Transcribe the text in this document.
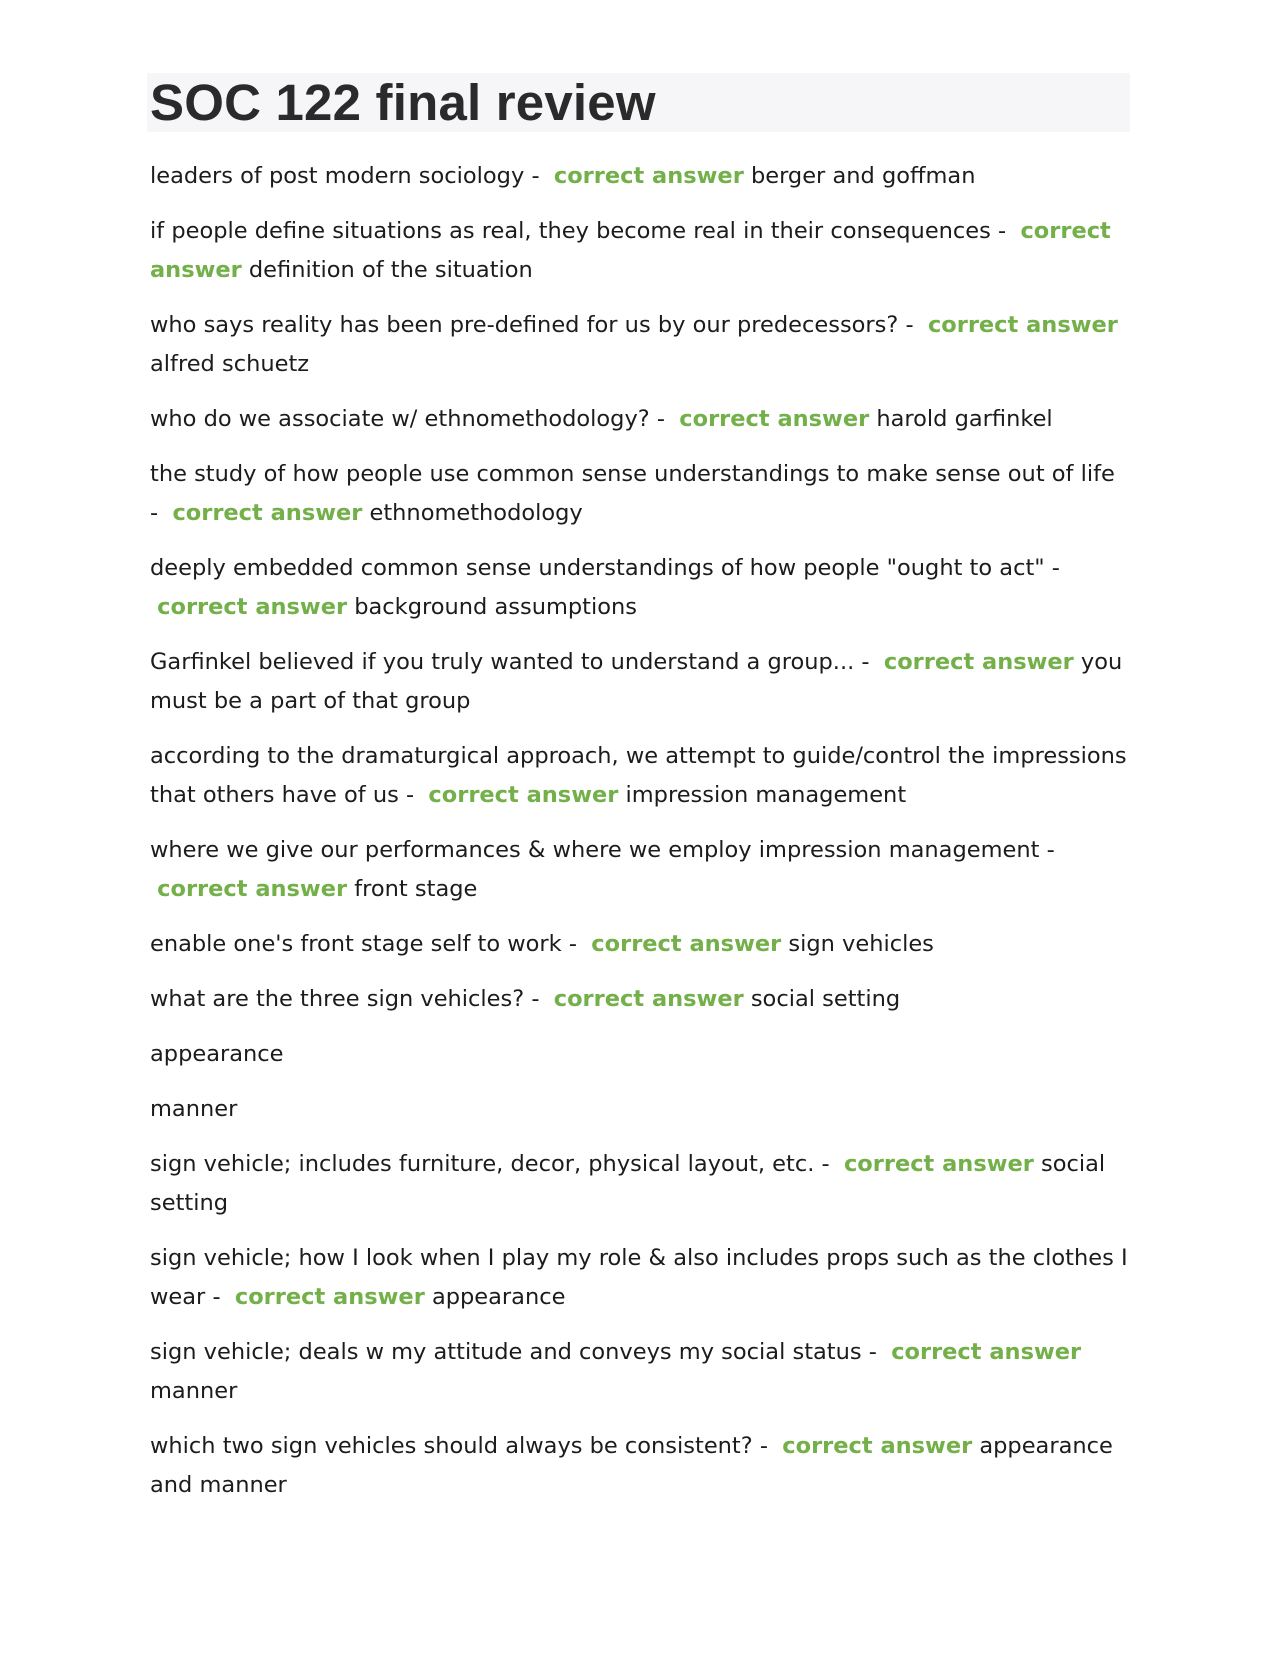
SOC 122 final review

leaders of post modern sociology -  correct answer berger and goffman

if people define situations as real, they become real in their consequences -  correct answer definition of the situation

who says reality has been pre-defined for us by our predecessors? -  correct answer alfred schuetz

who do we associate w/ ethnomethodology? -  correct answer harold garfinkel

the study of how people use common sense understandings to make sense out of life -  correct answer ethnomethodology

deeply embedded common sense understandings of how people "ought to act" -  correct answer background assumptions

Garfinkel believed if you truly wanted to understand a group... -  correct answer you must be a part of that group

according to the dramaturgical approach, we attempt to guide/control the impressions that others have of us -  correct answer impression management

where we give our performances & where we employ impression management -  correct answer front stage

enable one's front stage self to work -  correct answer sign vehicles

what are the three sign vehicles? -  correct answer social setting

appearance

manner

sign vehicle; includes furniture, decor, physical layout, etc. -  correct answer social setting

sign vehicle; how I look when I play my role & also includes props such as the clothes I wear -  correct answer appearance

sign vehicle; deals w my attitude and conveys my social status -  correct answer manner

which two sign vehicles should always be consistent? -  correct answer appearance and manner
